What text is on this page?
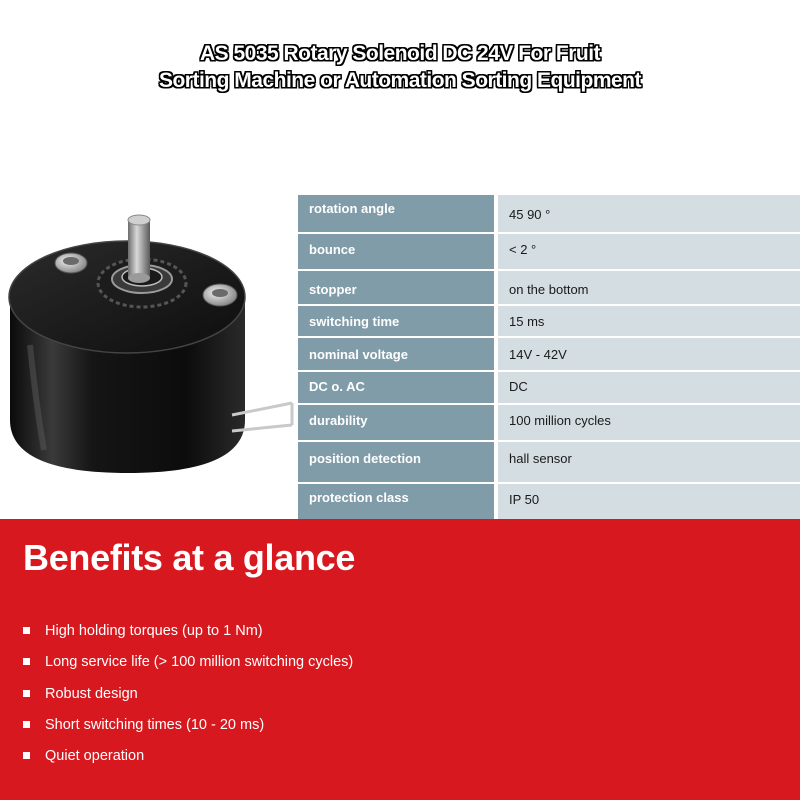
AS 5035 Rotary Solenoid DC 24V For Fruit
Sorting Machine or Automation Sorting Equipment
rotation angle	45 90 °
bounce	< 2 °
stopper	on the bottom
switching time	15 ms
nominal voltage	14V - 42V
DC o. AC	DC
durability	100 million cycles
position detection	hall sensor
protection class	IP 50
Benefits at a glance
High holding torques (up to 1 Nm)
Long service life (> 100 million switching cycles)
Robust design
Short switching times (10 - 20 ms)
Quiet operation
